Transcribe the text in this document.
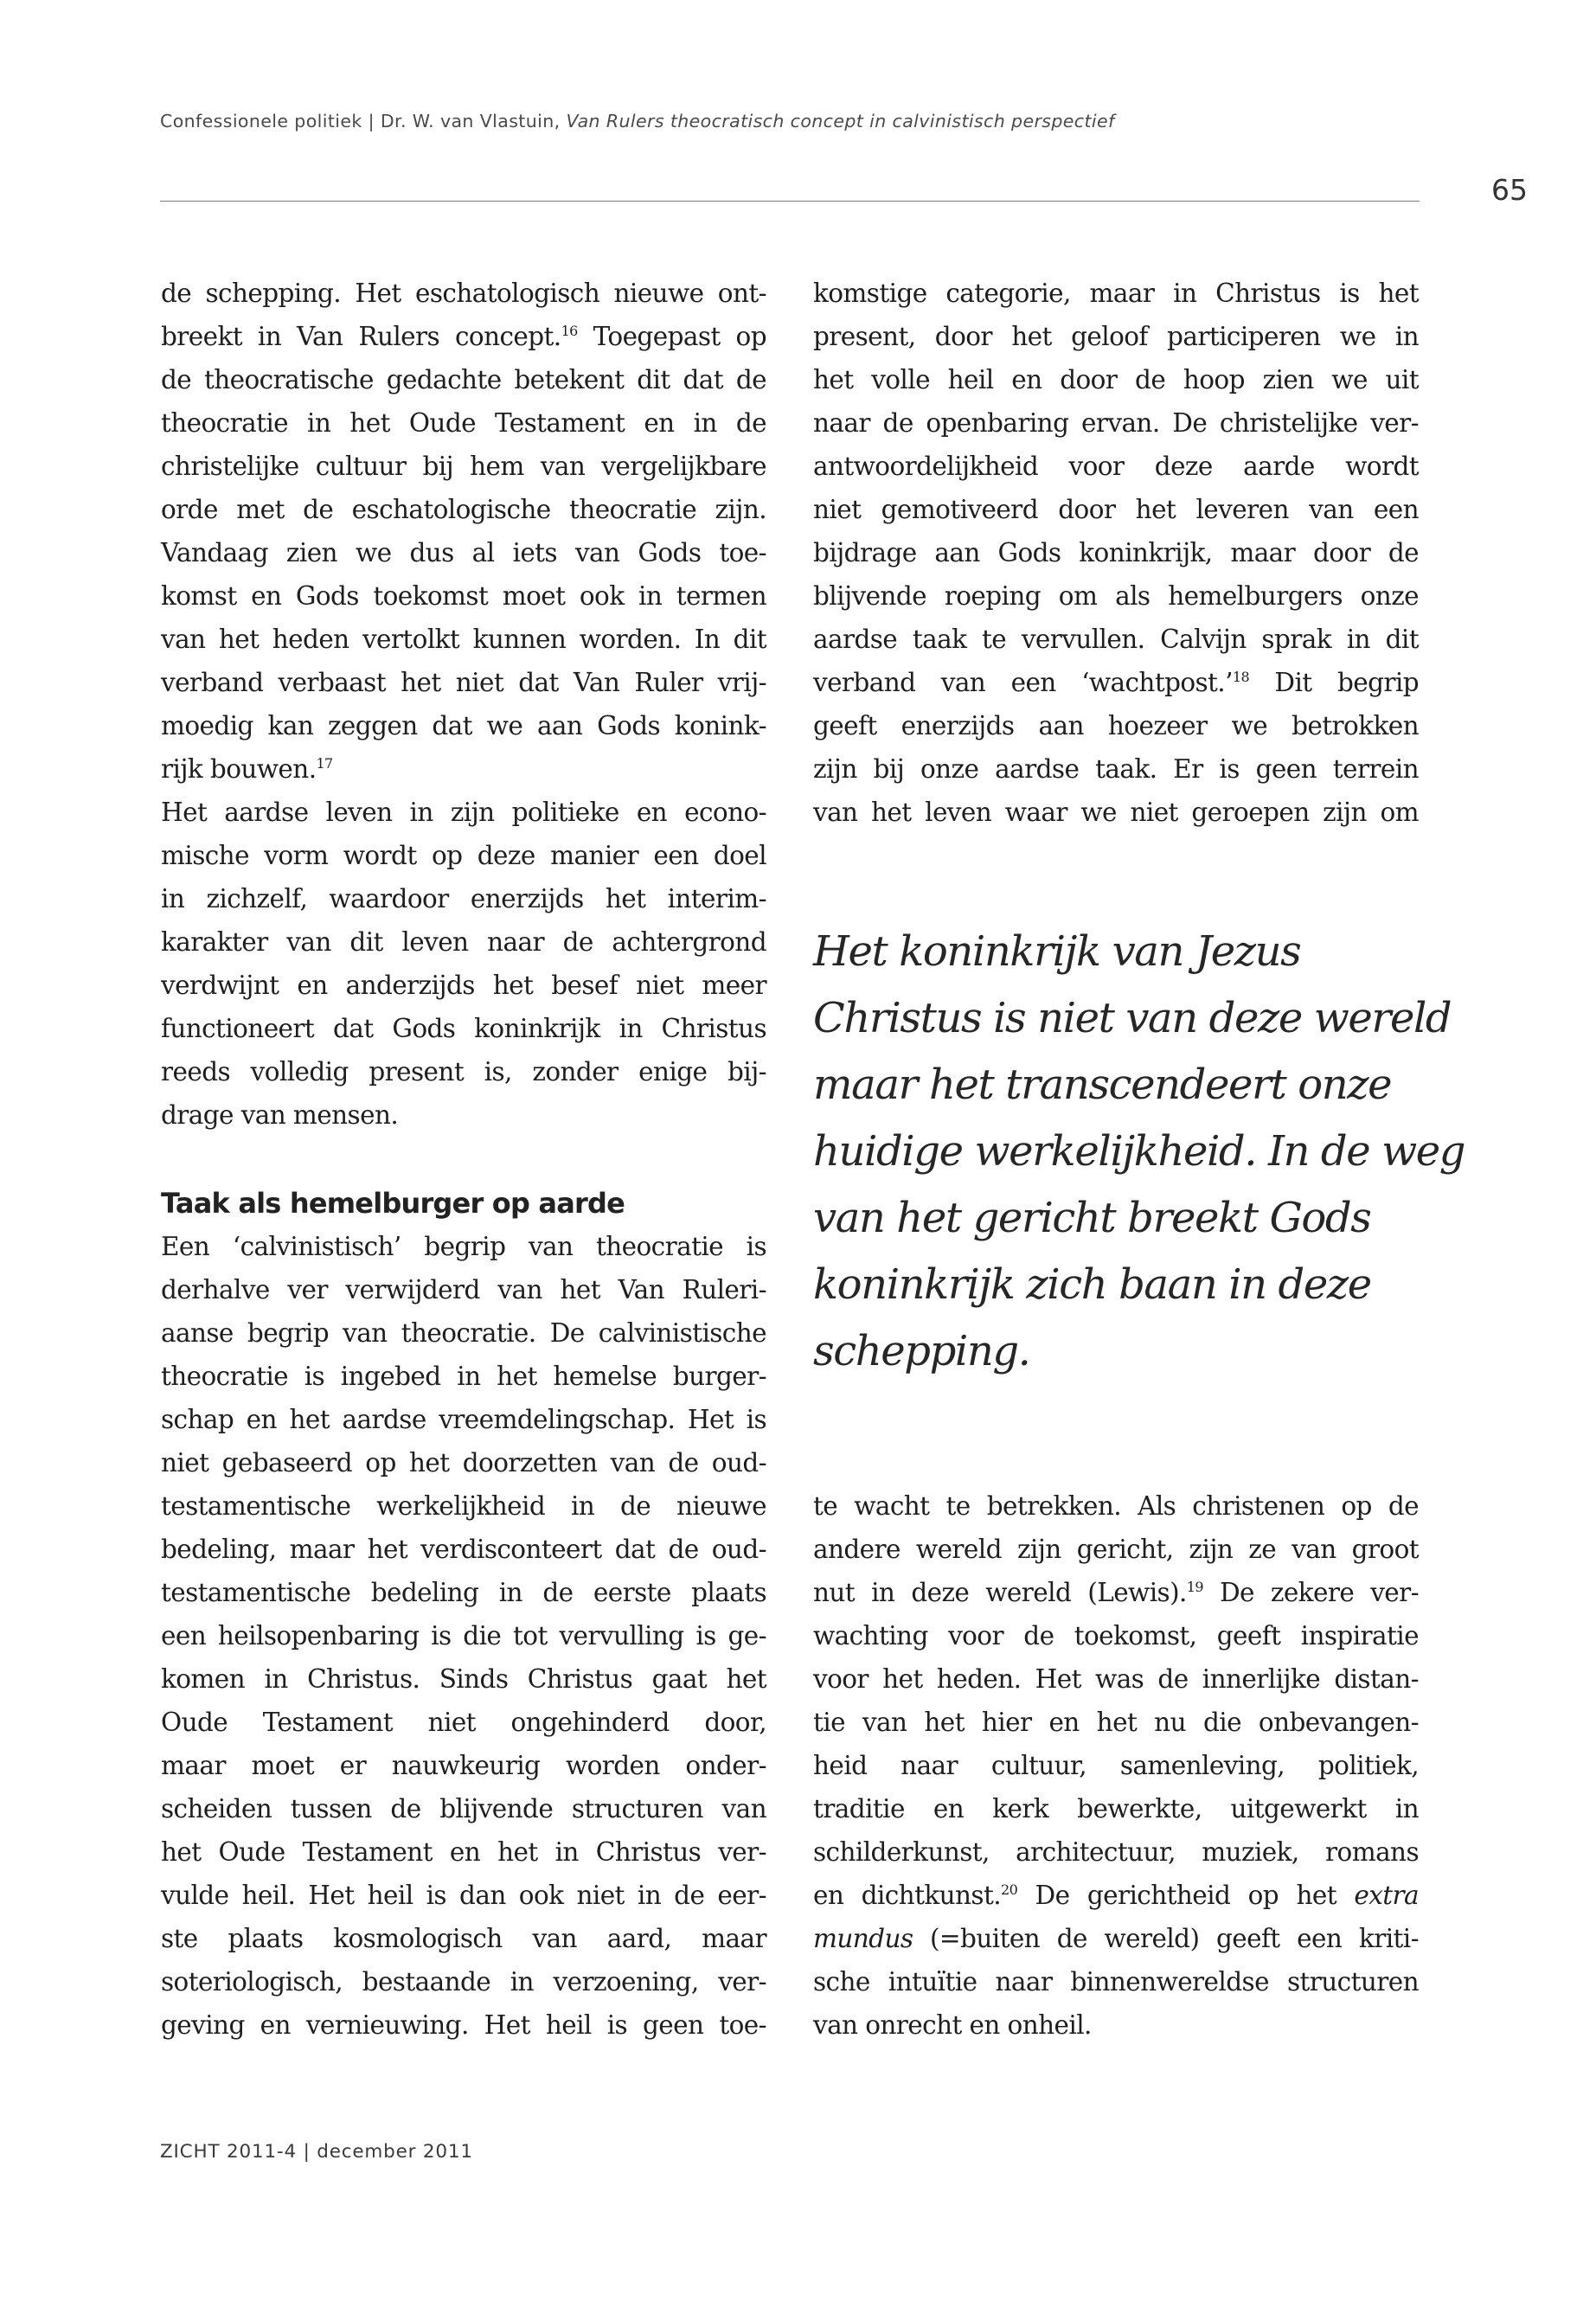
Confessionele politiek | Dr. W. van Vlastuin, Van Rulers theocratisch concept in calvinistisch perspectief
65

de schepping. Het eschatologisch nieuwe ont-
breekt in Van Rulers concept.$^{16}$ Toegepast op
de theocratische gedachte betekent dit dat de
theocratie in het Oude Testament en in de
christelijke cultuur bij hem van vergelijkbare
orde met de eschatologische theocratie zijn.
Vandaag zien we dus al iets van Gods toe-
komst en Gods toekomst moet ook in termen
van het heden vertolkt kunnen worden. In dit
verband verbaast het niet dat Van Ruler vrij-
moedig kan zeggen dat we aan Gods konink-
rijk bouwen.$^{17}$

Het aardse leven in zijn politieke en econo-
mische vorm wordt op deze manier een doel
in zichzelf, waardoor enerzijds het interim-
karakter van dit leven naar de achtergrond
verdwijnt en anderzijds het besef niet meer
functioneert dat Gods koninkrijk in Christus
reeds volledig present is, zonder enige bij-
drage van mensen.

Taak als hemelburger op aarde

Een ‘calvinistisch’ begrip van theocratie is
derhalve ver verwijderd van het Van Ruleri-
aanse begrip van theocratie. De calvinistische
theocratie is ingebed in het hemelse burger-
schap en het aardse vreemdelingschap. Het is
niet gebaseerd op het doorzetten van de oud-
testamentische werkelijkheid in de nieuwe
bedeling, maar het verdisconteert dat de oud-
testamentische bedeling in de eerste plaats
een heilsopenbaring is die tot vervulling is ge-
komen in Christus. Sinds Christus gaat het
Oude Testament niet ongehinderd door,
maar moet er nauwkeurig worden onder-
scheiden tussen de blijvende structuren van
het Oude Testament en het in Christus ver-
vulde heil. Het heil is dan ook niet in de eer-
ste plaats kosmologisch van aard, maar
soteriologisch, bestaande in verzoening, ver-
geving en vernieuwing. Het heil is geen toe-

komstige categorie, maar in Christus is het
present, door het geloof participeren we in
het volle heil en door de hoop zien we uit
naar de openbaring ervan. De christelijke ver-
antwoordelijkheid voor deze aarde wordt
niet gemotiveerd door het leveren van een
bijdrage aan Gods koninkrijk, maar door de
blijvende roeping om als hemelburgers onze
aardse taak te vervullen. Calvijn sprak in dit
verband van een ‘wachtpost.’$^{18}$ Dit begrip
geeft enerzijds aan hoezeer we betrokken
zijn bij onze aardse taak. Er is geen terrein
van het leven waar we niet geroepen zijn om

Het koninkrijk van Jezus
Christus is niet van deze wereld
maar het transcendeert onze
huidige werkelijkheid. In de weg
van het gericht breekt Gods
koninkrijk zich baan in deze
schepping.

te wacht te betrekken. Als christenen op de
andere wereld zijn gericht, zijn ze van groot
nut in deze wereld (Lewis).$^{19}$ De zekere ver-
wachting voor de toekomst, geeft inspiratie
voor het heden. Het was de innerlijke distan-
tie van het hier en het nu die onbevangen-
heid naar cultuur, samenleving, politiek,
traditie en kerk bewerkte, uitgewerkt in
schilderkunst, architectuur, muziek, romans
en dichtkunst.$^{20}$ De gerichtheid op het extra
mundus (=buiten de wereld) geeft een kriti-
sche intuïtie naar binnenwereldse structuren
van onrecht en onheil.

ZICHT 2011-4 | december 2011
